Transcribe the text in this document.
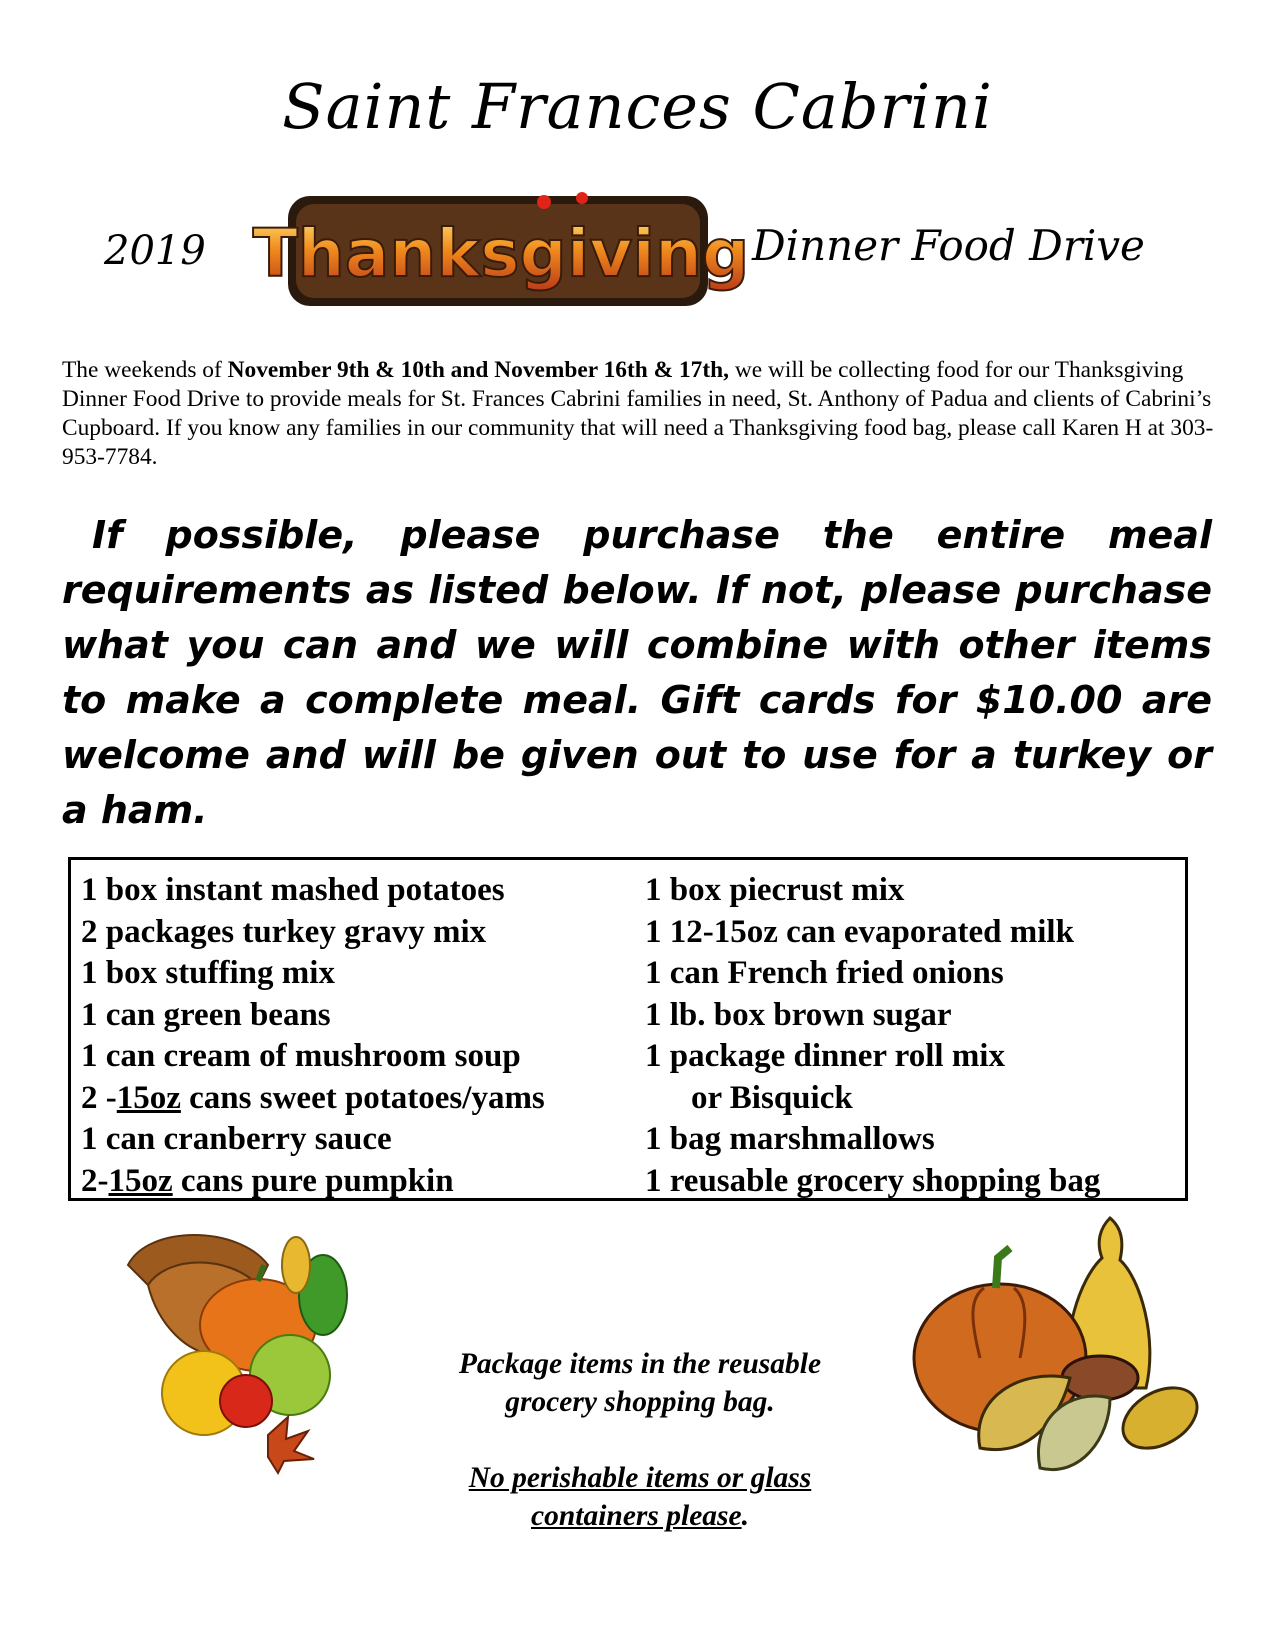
Saint Frances Cabrini
2019 Thanksgiving Dinner Food Drive
The weekends of November 9th & 10th and November 16th & 17th, we will be collecting food for our Thanksgiving Dinner Food Drive to provide meals for St. Frances Cabrini families in need, St. Anthony of Padua and clients of Cabrini’s Cupboard. If you know any families in our community that will need a Thanksgiving food bag, please call Karen H at 303-953-7784.
If possible, please purchase the entire meal requirements as listed below. If not, please purchase what you can and we will combine with other items to make a complete meal. Gift cards for $10.00 are welcome and will be given out to use for a turkey or a ham.
1 box instant mashed potatoes
2 packages turkey gravy mix
1 box stuffing mix
1 can green beans
1 can cream of mushroom soup
2 -15oz cans sweet potatoes/yams
1 can cranberry sauce
2-15oz cans pure pumpkin
1 box piecrust mix
1 12-15oz can evaporated milk
1 can French fried onions
1 lb. box brown sugar
1 package dinner roll mix
or Bisquick
1 bag marshmallows
1 reusable grocery shopping bag
Package items in the reusable
grocery shopping bag.
No perishable items or glass
containers please.
